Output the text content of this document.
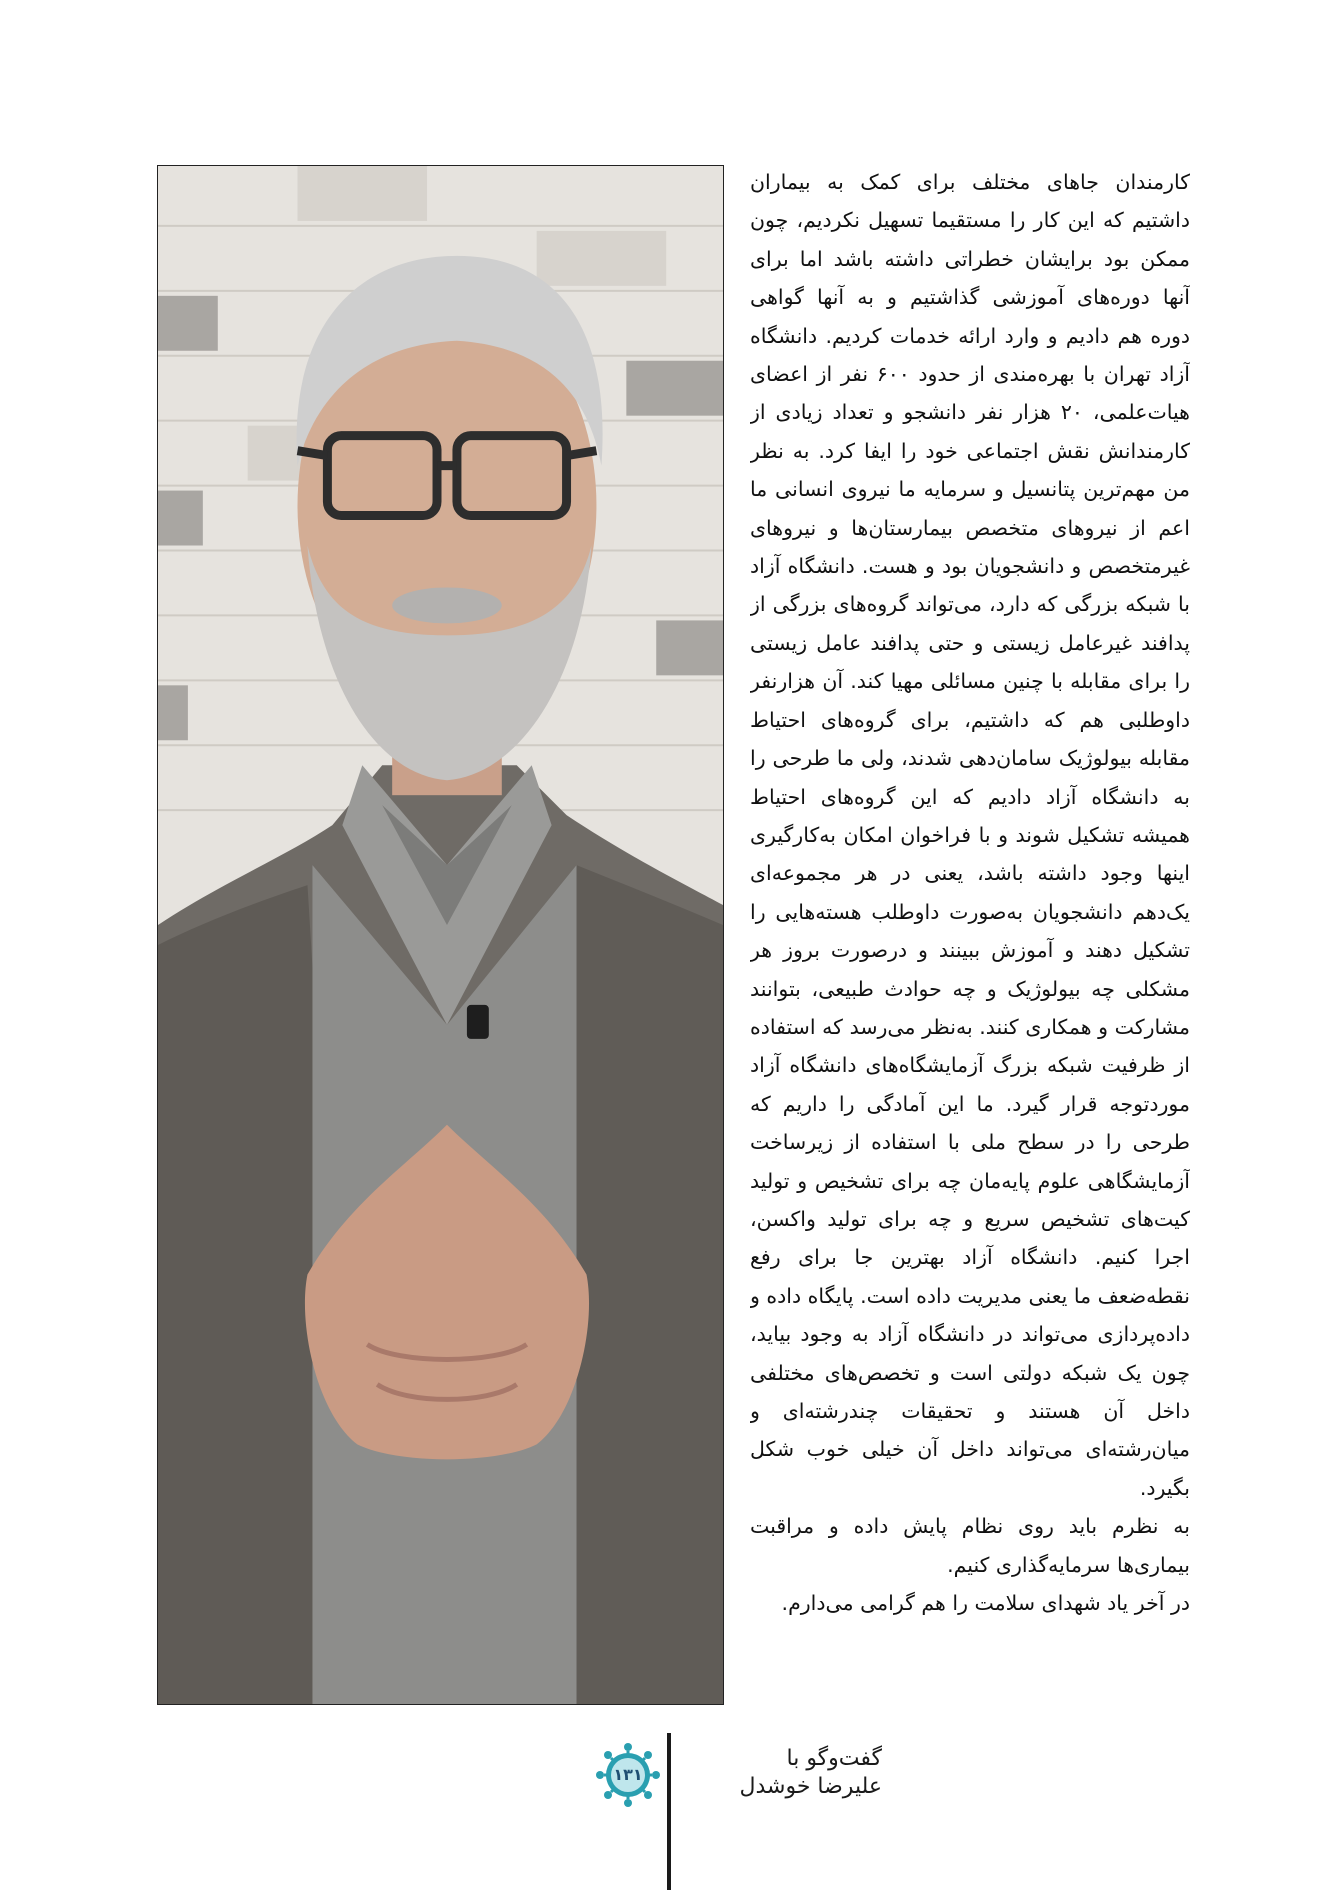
کارمندان جاهای مختلف برای کمک به بیماران داشتیم که این کار را مستقیما تسهیل نکردیم، چون ممکن بود برایشان خطراتی داشته باشد اما برای آنها دوره‌های آموزشی گذاشتیم و به آنها گواهی دوره هم دادیم و وارد ارائه خدمات کردیم. دانشگاه آزاد تهران با بهره‌مندی از حدود ۶۰۰ نفر از اعضای هیات‌علمی، ۲۰ هزار نفر دانشجو و تعداد زیادی از کارمندانش نقش اجتماعی خود را ایفا کرد. به نظر من مهم‌ترین پتانسیل و سرمایه ما نیروی انسانی ما اعم از نیروهای متخصص بیمارستان‌ها و نیروهای غیرمتخصص و دانشجویان بود و هست. دانشگاه آزاد با شبکه بزرگی که دارد، می‌تواند گروه‌های بزرگی از پدافند غیرعامل زیستی و حتی پدافند عامل زیستی را برای مقابله با چنین مسائلی مهیا کند. آن هزارنفر داوطلبی هم که داشتیم، برای گروه‌های احتیاط مقابله بیولوژیک سامان‌دهی شدند، ولی ما طرحی را به دانشگاه آزاد دادیم که این گروه‌های احتیاط همیشه تشکیل شوند و با فراخوان امکان به‌کارگیری اینها وجود داشته باشد، یعنی در هر مجموعه‌ای یک‌دهم دانشجویان به‌صورت داوطلب هسته‌هایی را تشکیل دهند و آموزش ببینند و درصورت بروز هر مشکلی چه بیولوژیک و چه حوادث طبیعی، بتوانند مشارکت و همکاری کنند. به‌نظر می‌رسد که استفاده از ظرفیت شبکه بزرگ آزمایشگاه‌های دانشگاه آزاد موردتوجه قرار گیرد. ما این آمادگی را داریم که طرحی را در سطح ملی با استفاده از زیرساخت آزمایشگاهی علوم پایه‌مان چه برای تشخیص و تولید کیت‌های تشخیص سریع و چه برای تولید واکسن، اجرا کنیم. دانشگاه آزاد بهترین جا برای رفع نقطه‌ضعف ما یعنی مدیریت داده است. پایگاه داده و داده‌پردازی می‌تواند در دانشگاه آزاد به وجود بیاید، چون یک شبکه دولتی است و تخصص‌های مختلفی داخل آن هستند و تحقیقات چندرشته‌ای و میان‌رشته‌ای می‌تواند داخل آن خیلی خوب شکل بگیرد.

به نظرم باید روی نظام پایش داده و مراقبت بیماری‌ها سرمایه‌گذاری کنیم.

در آخر یاد شهدای سلامت را هم گرامی می‌دارم.

۱۳۱
گفت‌وگو با
علیرضا خوشدل
